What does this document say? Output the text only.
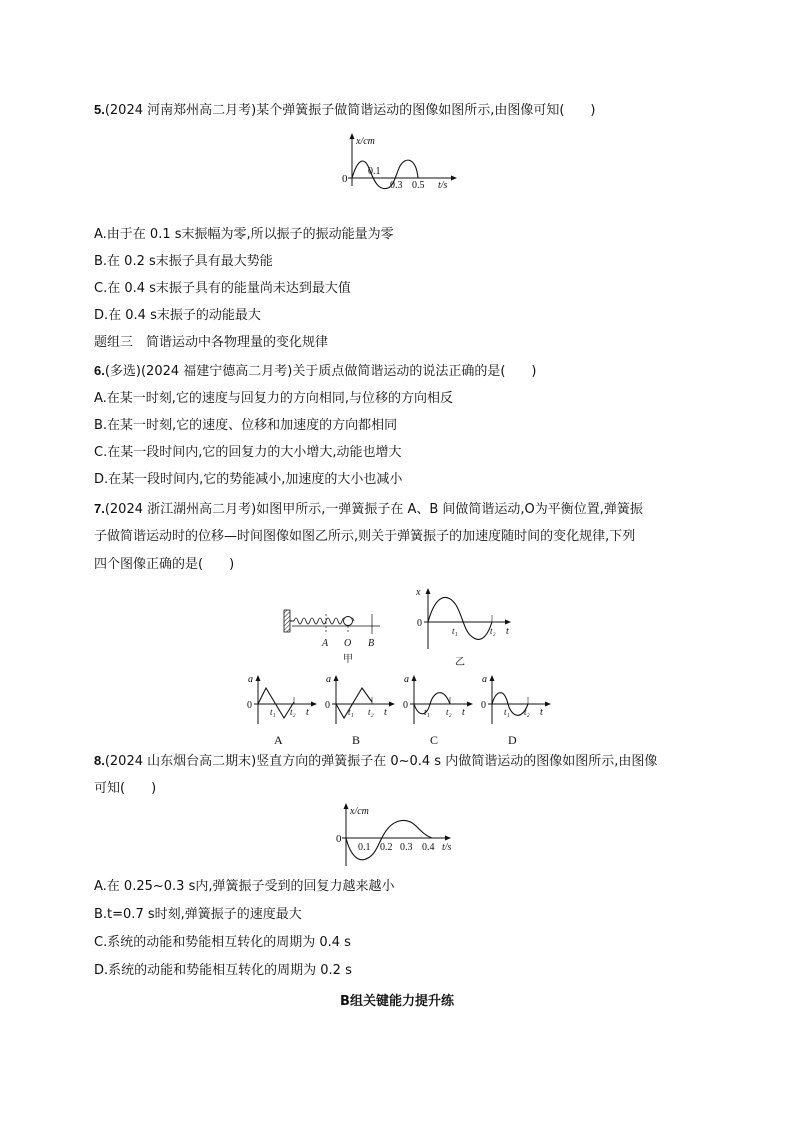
5.(2024 河南郑州高二月考)某个弹簧振子做简谐运动的图像如图所示,由图像可知(　　)
x/cm
0
0.1
0.3 0.5 t/s
A.由于在 0.1 s末振幅为零,所以振子的振动能量为零
B.在 0.2 s末振子具有最大势能
C.在 0.4 s末振子具有的能量尚未达到最大值
D.在 0.4 s末振子的动能最大
题组三　简谐运动中各物理量的变化规律
6.(多选)(2024 福建宁德高二月考)关于质点做简谐运动的说法正确的是(　　)
A.在某一时刻,它的速度与回复力的方向相同,与位移的方向相反
B.在某一时刻,它的速度、位移和加速度的方向都相同
C.在某一段时间内,它的回复力的大小增大,动能也增大
D.在某一段时间内,它的势能减小,加速度的大小也减小
7.(2024 浙江湖州高二月考)如图甲所示,一弹簧振子在 A、B 间做简谐运动,O为平衡位置,弹簧振
子做简谐运动时的位移—时间图像如图乙所示,则关于弹簧振子的加速度随时间的变化规律,下列
四个图像正确的是(　　)
A O B
甲
x
0
t₁	t₂ t
乙
a
0
t₁ t₂ t
A
a
0
t₁ t₂ t
B
a
0
t₁ t₂ t
C
a
0
t₁ t₂ t
D
8.(2024 山东烟台高二期末)竖直方向的弹簧振子在 0~0.4 s 内做简谐运动的图像如图所示,由图像
可知(　　)
x/cm
0
0.1 0.2 0.3 0.4 t/s
A.在 0.25~0.3 s内,弹簧振子受到的回复力越来越小
B.t=0.7 s时刻,弹簧振子的速度最大
C.系统的动能和势能相互转化的周期为 0.4 s
D.系统的动能和势能相互转化的周期为 0.2 s
B组关键能力提升练
